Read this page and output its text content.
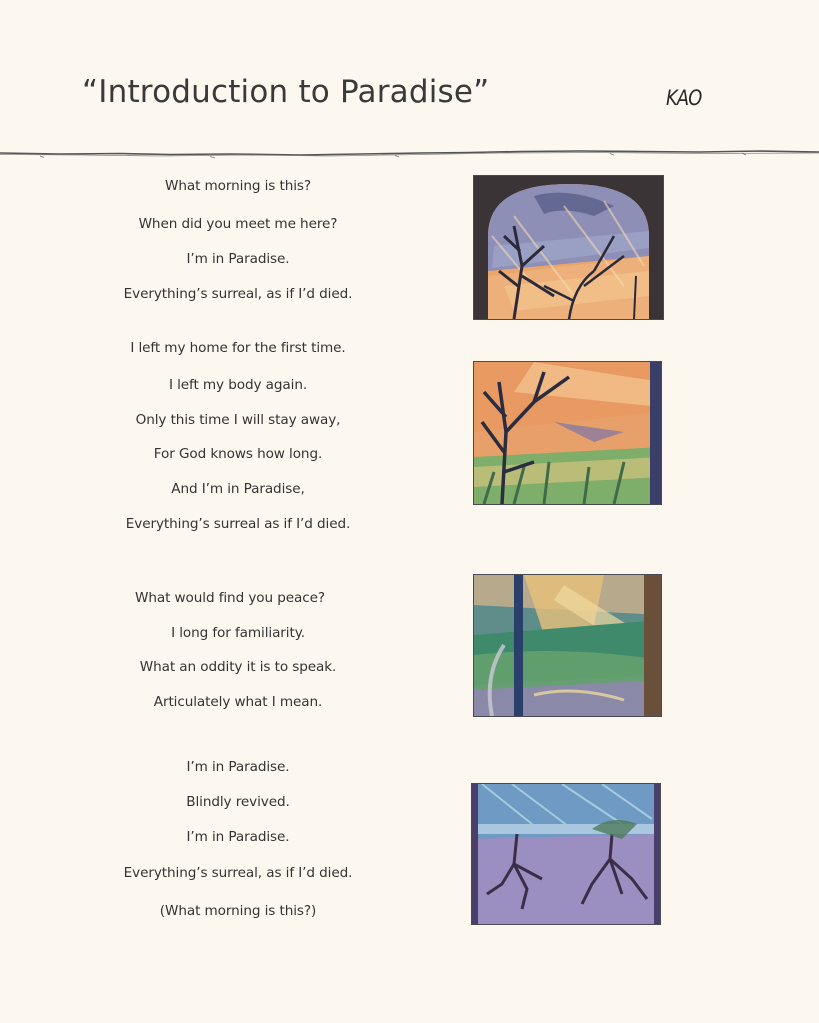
“Introduction to Paradise”	KAO
What morning is this?
When did you meet me here?
I’m in Paradise.
Everything’s surreal, as if I’d died.
I left my home for the first time.
I left my body again.
Only this time I will stay away,
For God knows how long.
And I’m in Paradise,
Everything’s surreal as if I’d died.
What would find you peace?
I long for familiarity.
What an oddity it is to speak.
Articulately what I mean.
I’m in Paradise.
Blindly revived.
I’m in Paradise.
Everything’s surreal, as if I’d died.
(What morning is this?)
